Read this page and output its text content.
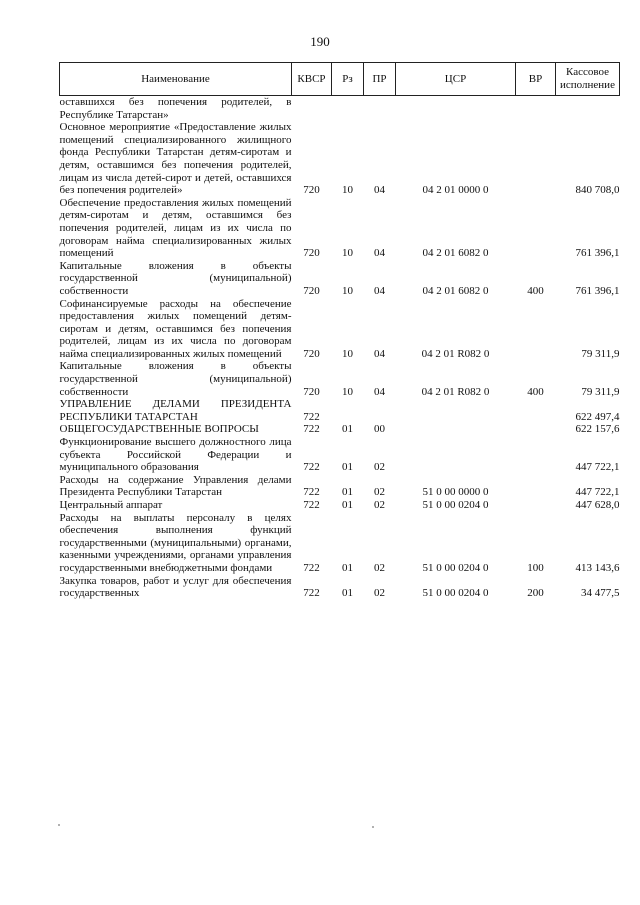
190
Наименование	КВСР	Рз	ПР	ЦСР	ВР	Кассовое исполнение
оставшихся без попечения родителей, в Республике Татарстан»						
Основное мероприятие «Предоставление жилых помещений специализированного жилищного фонда Республики Татарстан детям-сиротам и детям, оставшимся без попечения родителей, лицам из числа детей-сирот и детей, оставшихся без попечения родителей»	720	10	04	04 2 01 0000 0		840 708,0
Обеспечение предоставления жилых помещений детям-сиротам и детям, оставшимся без попечения родителей, лицам из их числа по договорам найма специализированных жилых помещений	720	10	04	04 2 01 6082 0		761 396,1
Капитальные вложения в объекты государственной (муниципальной) собственности	720	10	04	04 2 01 6082 0	400	761 396,1
Софинансируемые расходы на обеспечение предоставления жилых помещений детям-сиротам и детям, оставшимся без попечения родителей, лицам из их числа по договорам найма специализированных жилых помещений	720	10	04	04 2 01 R082 0		79 311,9
Капитальные вложения в объекты государственной (муниципальной) собственности	720	10	04	04 2 01 R082 0	400	79 311,9
УПРАВЛЕНИЕ ДЕЛАМИ ПРЕЗИДЕНТА РЕСПУБЛИКИ ТАТАРСТАН	722					622 497,4
ОБЩЕГОСУДАРСТВЕННЫЕ ВОПРОСЫ	722	01	00			622 157,6
Функционирование высшего должностного лица субъекта Российской Федерации и муниципального образования	722	01	02			447 722,1
Расходы на содержание Управления делами Президента Республики Татарстан	722	01	02	51 0 00 0000 0		447 722,1
Центральный аппарат	722	01	02	51 0 00 0204 0		447 628,0
Расходы на выплаты персоналу в целях обеспечения выполнения функций государственными (муниципальными) органами, казенными учреждениями, органами управления государственными внебюджетными фондами	722	01	02	51 0 00 0204 0	100	413 143,6
Закупка товаров, работ и услуг для обеспечения государственных	722	01	02	51 0 00 0204 0	200	34 477,5
